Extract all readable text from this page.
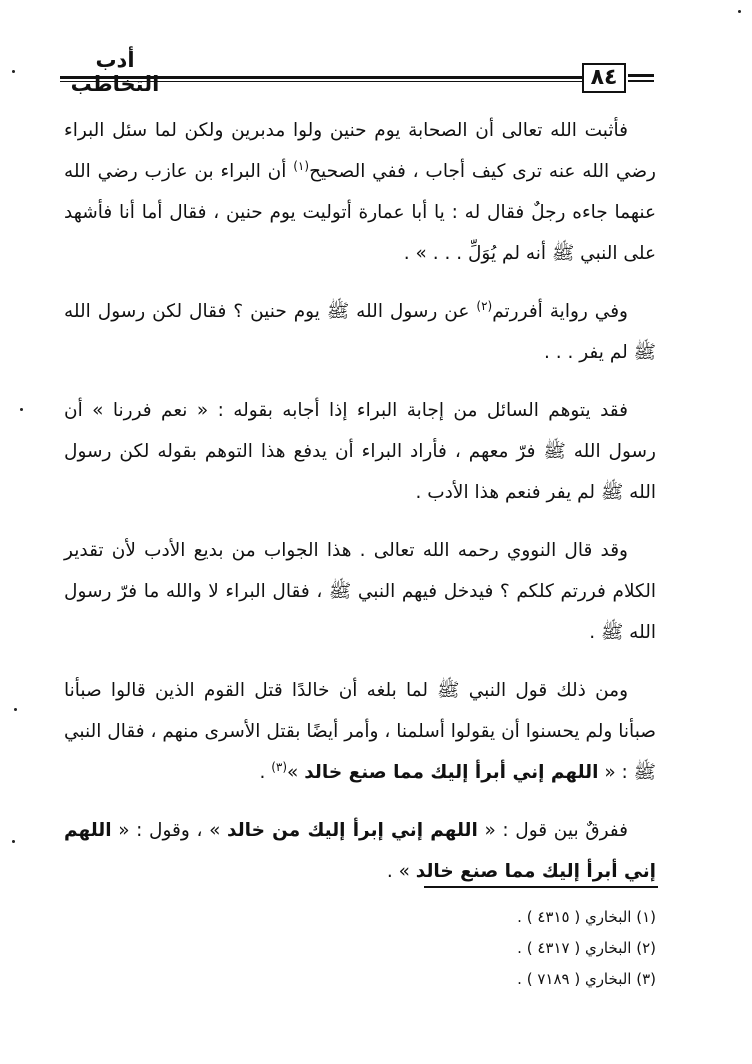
أدب التخاطب	٨٤

فأثبت الله تعالى أن الصحابة يوم حنين ولوا مدبرين ولكن لما سئل البراء رضي الله عنه ترى كيف أجاب ، ففي الصحيح$^{(١)}$ أن البراء بن عازب رضي الله عنهما جاءه رجلٌ فقال له : يا أبا عمارة أتوليت يوم حنين ، فقال أما أنا فأشهد على النبي ﷺ أنه لم يُوَلِّ . . . » .

وفي رواية أفررتم$^{(٢)}$ عن رسول الله ﷺ يوم حنين ؟ فقال لكن رسول الله ﷺ لم يفر . . .

فقد يتوهم السائل من إجابة البراء إذا أجابه بقوله : « نعم فررنا » أن رسول الله ﷺ فرّ معهم ، فأراد البراء أن يدفع هذا التوهم بقوله لكن رسول الله ﷺ لم يفر فنعم هذا الأدب .

وقد قال النووي رحمه الله تعالى . هذا الجواب من بديع الأدب لأن تقدير الكلام فررتم كلكم ؟ فيدخل فيهم النبي ﷺ ، فقال البراء لا والله ما فرّ رسول الله ﷺ .

ومن ذلك قول النبي ﷺ لما بلغه أن خالدًا قتل القوم الذين قالوا صبأنا صبأنا ولم يحسنوا أن يقولوا أسلمنا ، وأمر أيضًا بقتل الأسرى منهم ، فقال النبي ﷺ : « اللهم إني أبرأ إليك مما صنع خالد »$^{(٣)}$ .

ففرقٌ بين قول : « اللهم إني إبرأ إليك من خالد » ، وقول : « اللهم إني أبرأ إليك مما صنع خالد » .

(١) البخاري ( ٤٣١٥ ) .

(٢) البخاري ( ٤٣١٧ ) .

(٣) البخاري ( ٧١٨٩ ) .
